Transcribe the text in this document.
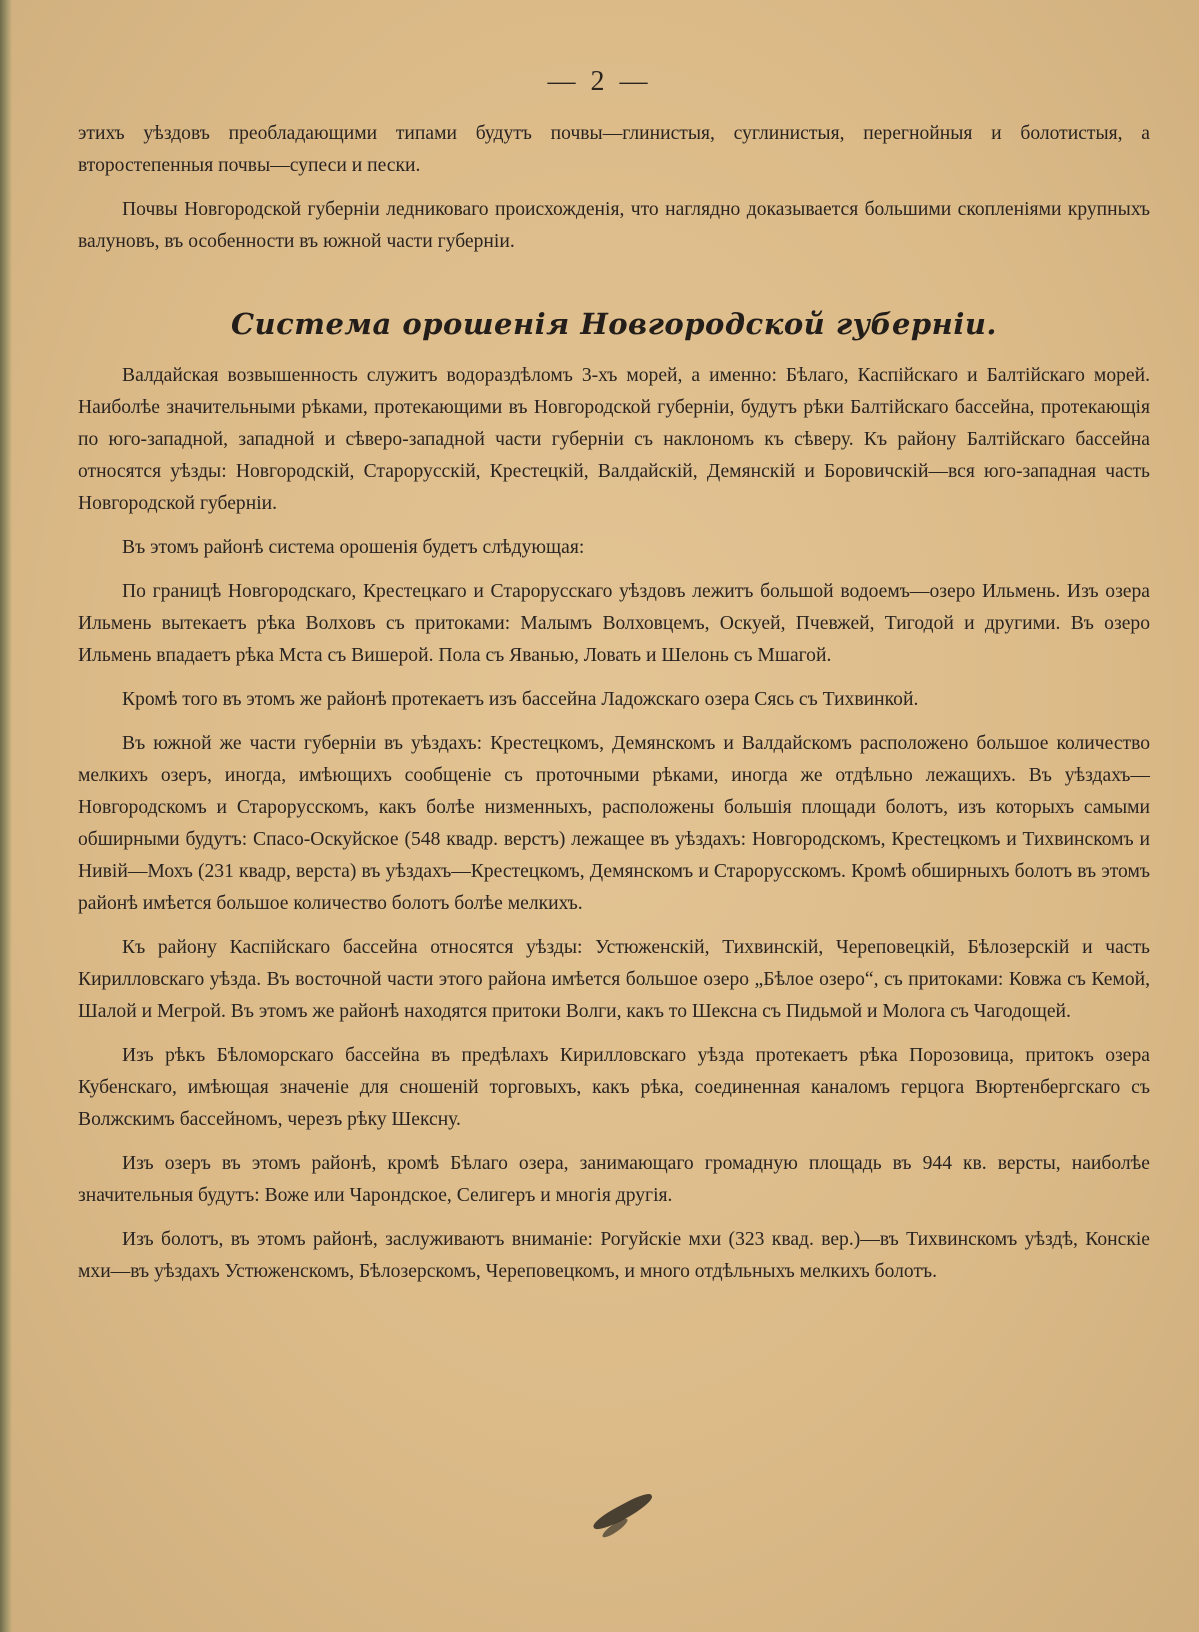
— 2 —

этихъ уѣздовъ преобладающими типами будутъ почвы—глинистыя, суглинистыя, перегнойныя и болотистыя, а второстепенныя почвы—супеси и пески.

Почвы Новгородской губерніи ледниковаго происхожденія, что наглядно доказывается большими скопленіями крупныхъ валуновъ, въ особенности въ южной части губерніи.

Система орошенія Новгородской губерніи.

Валдайская возвышенность служитъ водораздѣломъ 3-хъ морей, а именно: Бѣлаго, Каспійскаго и Балтійскаго морей. Наиболѣе значительными рѣками, протекающими въ Новгородской губерніи, будутъ рѣки Балтійскаго бассейна, протекающія по юго-западной, западной и сѣверо-западной части губерніи съ наклономъ къ сѣверу. Къ району Балтійскаго бассейна относятся уѣзды: Новгородскій, Старорусскій, Крестецкій, Валдайскій, Демянскій и Боровичскій—вся юго-западная часть Новгородской губерніи.

Въ этомъ районѣ система орошенія будетъ слѣдующая:

По границѣ Новгородскаго, Крестецкаго и Старорусскаго уѣздовъ лежитъ большой водоемъ—озеро Ильмень. Изъ озера Ильмень вытекаетъ рѣка Волховъ съ притоками: Малымъ Волховцемъ, Оскуей, Пчевжей, Тигодой и другими. Въ озеро Ильмень впадаетъ рѣка Мста съ Вишерой. Пола съ Яванью, Ловать и Шелонь съ Мшагой.

Кромѣ того въ этомъ же районѣ протекаетъ изъ бассейна Ладожскаго озера Сясь съ Тихвинкой.

Въ южной же части губерніи въ уѣздахъ: Крестецкомъ, Демянскомъ и Валдайскомъ расположено большое количество мелкихъ озеръ, иногда, имѣющихъ сообщеніе съ проточными рѣками, иногда же отдѣльно лежащихъ. Въ уѣздахъ—Новгородскомъ и Старорусскомъ, какъ болѣе низменныхъ, расположены большія площади болотъ, изъ которыхъ самыми обширными будутъ: Спасо-Оскуйское (548 квадр. верстъ) лежащее въ уѣздахъ: Новгородскомъ, Крестецкомъ и Тихвинскомъ и Нивій—Мохъ (231 квадр, верста) въ уѣздахъ—Крестецкомъ, Демянскомъ и Старорусскомъ. Кромѣ обширныхъ болотъ въ этомъ районѣ имѣется большое количество болотъ болѣе мелкихъ.

Къ району Каспійскаго бассейна относятся уѣзды: Устюженскій, Тихвинскій, Череповецкій, Бѣлозерскій и часть Кирилловскаго уѣзда. Въ восточной части этого района имѣется большое озеро „Бѣлое озеро“, съ притоками: Ковжа съ Кемой, Шалой и Мегрой. Въ этомъ же районѣ находятся притоки Волги, какъ то Шексна съ Пидьмой и Молога съ Чагодощей.

Изъ рѣкъ Бѣломорскаго бассейна въ предѣлахъ Кирилловскаго уѣзда протекаетъ рѣка Порозовица, притокъ озера Кубенскаго, имѣющая значеніе для сношеній торговыхъ, какъ рѣка, соединенная каналомъ герцога Вюртенбергскаго съ Волжскимъ бассейномъ, черезъ рѣку Шексну.

Изъ озеръ въ этомъ районѣ, кромѣ Бѣлаго озера, занимающаго громадную площадь въ 944 кв. версты, наиболѣе значительныя будутъ: Воже или Чарондское, Селигеръ и многія другія.

Изъ болотъ, въ этомъ районѣ, заслуживаютъ вниманіе: Рогуйскіе мхи (323 квад. вер.)—въ Тихвинскомъ уѣздѣ, Конскіе мхи—въ уѣздахъ Устюженскомъ, Бѣлозерскомъ, Череповецкомъ, и много отдѣльныхъ мелкихъ болотъ.
